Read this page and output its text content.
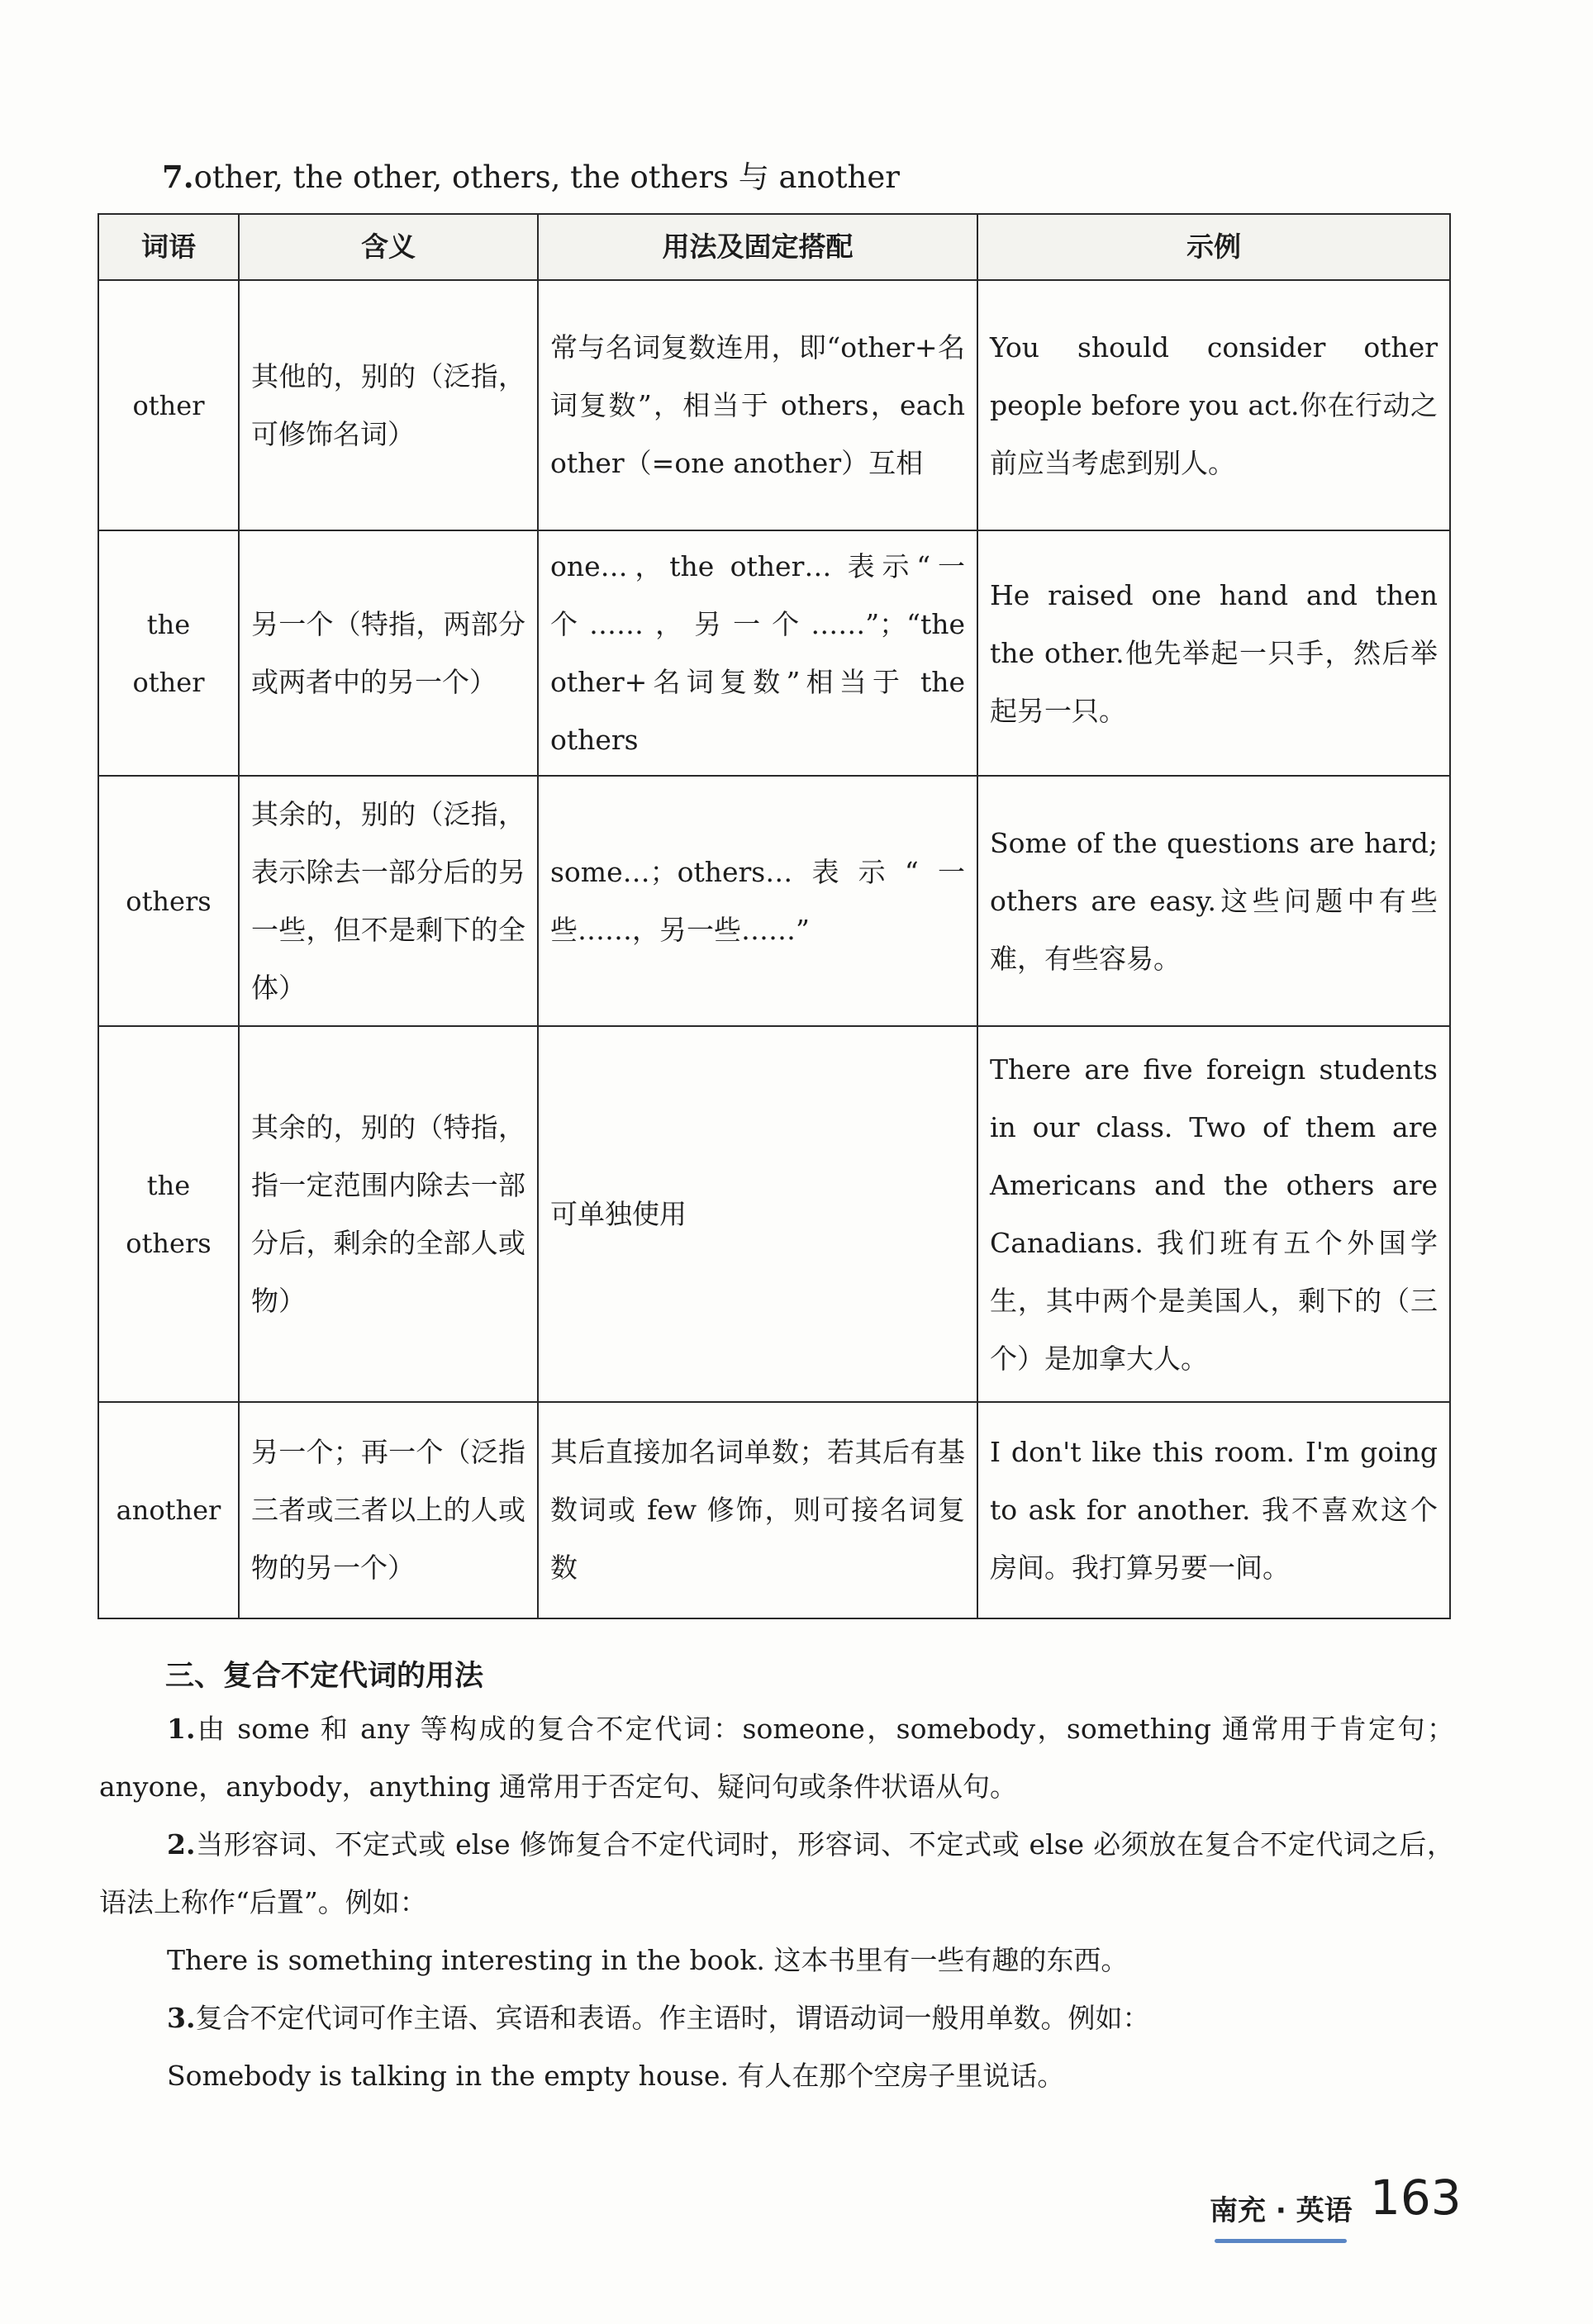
7.other, the other, others, the others 与 another
词语	含义	用法及固定搭配	示例
other	其他的，别的（泛指，可修饰名词）	常与名词复数连用，即“other+名词复数”，相当于 others，each other（=one another）互相	You should consider other people before you act.你在行动之前应当考虑到别人。
the other	另一个（特指，两部分或两者中的另一个）	one…，the other… 表示“一个……，另一个……”；“the other+名词复数”相当于 the others	He raised one hand and then the other.他先举起一只手，然后举起另一只。
others	其余的，别的（泛指，表示除去一部分后的另一些，但不是剩下的全体）	some…；others…表示“一些……，另一些……”	Some of the questions are hard; others are easy.这些问题中有些难，有些容易。
the others	其余的，别的（特指，指一定范围内除去一部分后，剩余的全部人或物）	可单独使用	There are five foreign students in our class. Two of them are Americans and the others are Canadians. 我们班有五个外国学生，其中两个是美国人，剩下的（三个）是加拿大人。
another	另一个；再一个（泛指三者或三者以上的人或物的另一个）	其后直接加名词单数；若其后有基数词或 few 修饰，则可接名词复数	I don't like this room. I'm going to ask for another. 我不喜欢这个房间。我打算另要一间。
三、复合不定代词的用法
1.由 some 和 any 等构成的复合不定代词：someone，somebody，something 通常用于肯定句；anyone，anybody，anything 通常用于否定句、疑问句或条件状语从句。
2.当形容词、不定式或 else 修饰复合不定代词时，形容词、不定式或 else 必须放在复合不定代词之后，语法上称作“后置”。例如：
There is something interesting in the book. 这本书里有一些有趣的东西。
3.复合不定代词可作主语、宾语和表语。作主语时，谓语动词一般用单数。例如：
Somebody is talking in the empty house. 有人在那个空房子里说话。
南充 · 英语 163
